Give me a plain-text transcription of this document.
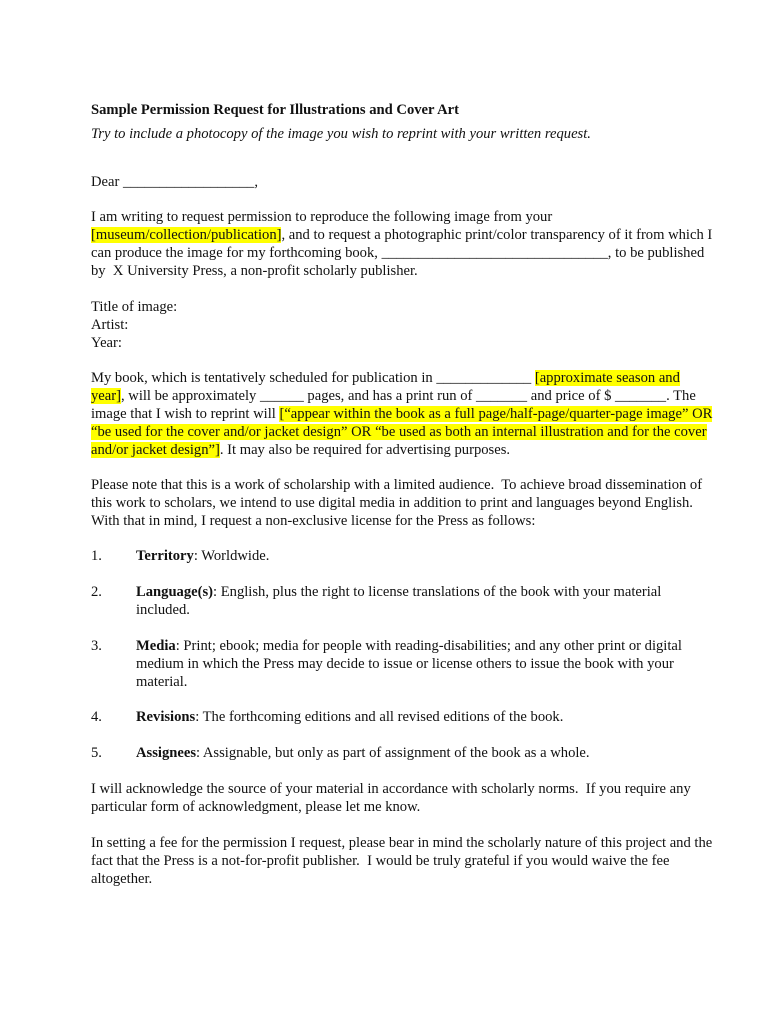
Sample Permission Request for Illustrations and Cover Art
Try to include a photocopy of the image you wish to reprint with your written request.
Dear __________________,
I am writing to request permission to reproduce the following image from your
[museum/collection/publication], and to request a photographic print/color transparency of it from which I
can produce the image for my forthcoming book, _______________________________, to be published
by  X University Press, a non-profit scholarly publisher.
Title of image:
Artist:
Year:
My book, which is tentatively scheduled for publication in _____________ [approximate season and
year], will be approximately ______ pages, and has a print run of _______ and price of $ _______. The
image that I wish to reprint will [“appear within the book as a full page/half-page/quarter-page image” OR
“be used for the cover and/or jacket design” OR “be used as both an internal illustration and for the cover
and/or jacket design”]. It may also be required for advertising purposes.
Please note that this is a work of scholarship with a limited audience.  To achieve broad dissemination of
this work to scholars, we intend to use digital media in addition to print and languages beyond English.
With that in mind, I request a non-exclusive license for the Press as follows:
1. Territory: Worldwide.
2. Language(s): English, plus the right to license translations of the book with your material
included.
3. Media: Print; ebook; media for people with reading-disabilities; and any other print or digital
medium in which the Press may decide to issue or license others to issue the book with your
material.
4. Revisions: The forthcoming editions and all revised editions of the book.
5. Assignees: Assignable, but only as part of assignment of the book as a whole.
I will acknowledge the source of your material in accordance with scholarly norms.  If you require any
particular form of acknowledgment, please let me know.
In setting a fee for the permission I request, please bear in mind the scholarly nature of this project and the
fact that the Press is a not-for-profit publisher.  I would be truly grateful if you would waive the fee
altogether.
